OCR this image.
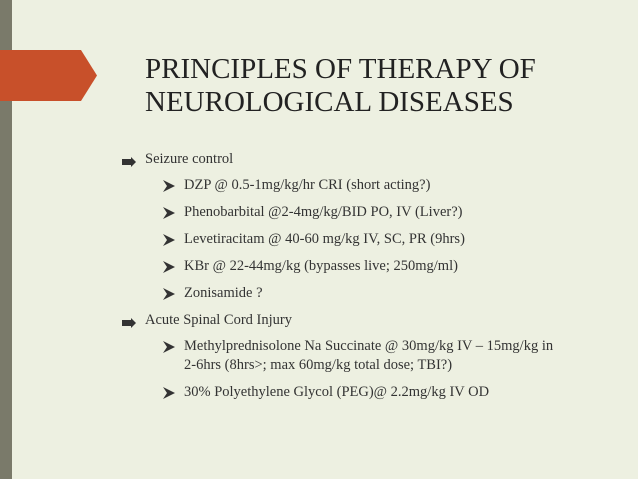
PRINCIPLES OF THERAPY OF
NEUROLOGICAL DISEASES
Seizure control
DZP @ 0.5-1mg/kg/hr CRI (short acting?)
Phenobarbital @2-4mg/kg/BID PO, IV (Liver?)
Levetiracitam @ 40-60 mg/kg IV, SC, PR (9hrs)
KBr @ 22-44mg/kg (bypasses live; 250mg/ml)
Zonisamide ?
Acute Spinal Cord Injury
Methylprednisolone Na Succinate @ 30mg/kg IV – 15mg/kg in
2-6hrs (8hrs>; max 60mg/kg total dose; TBI?)
30% Polyethylene Glycol (PEG)@ 2.2mg/kg IV OD
